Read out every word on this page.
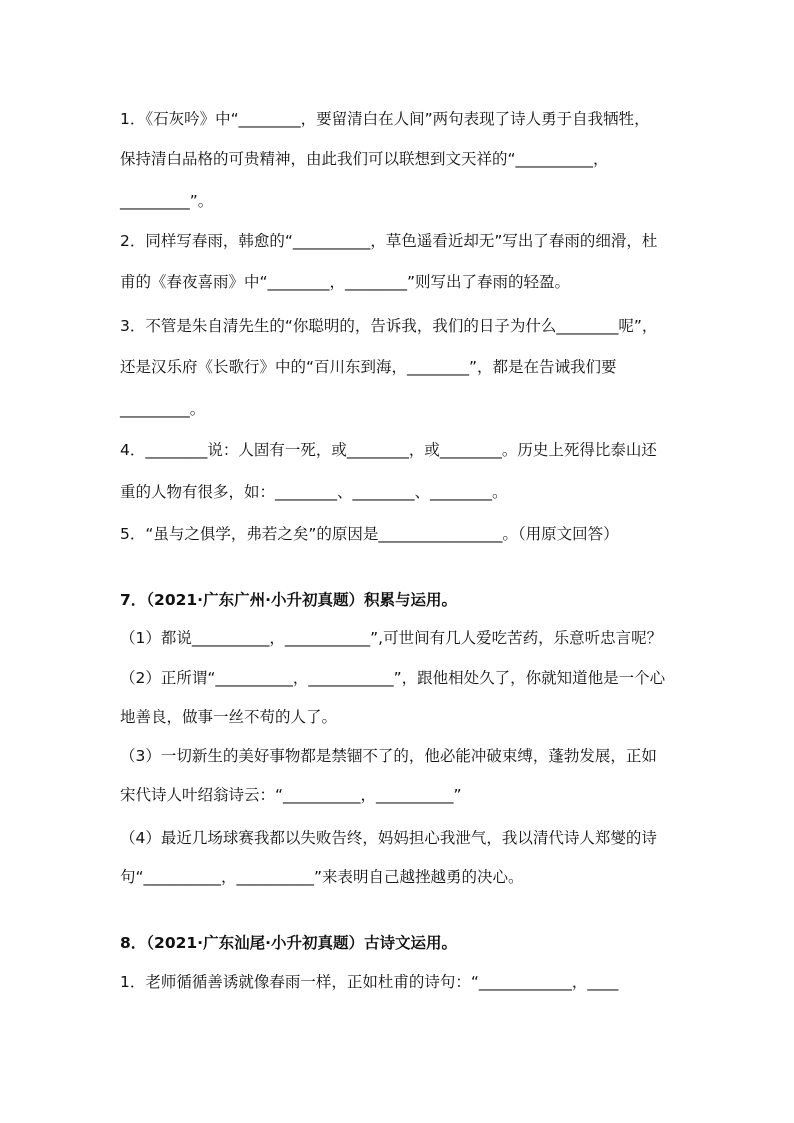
1．《石灰吟》中“________，要留清白在人间”两句表现了诗人勇于自我牺牲，
保持清白品格的可贵精神，由此我们可以联想到文天祥的“__________，
_________”。
2．同样写春雨，韩愈的“__________，草色遥看近却无”写出了春雨的细滑，杜
甫的《春夜喜雨》中“________，________”则写出了春雨的轻盈。
3．不管是朱自清先生的“你聪明的，告诉我，我们的日子为什么________呢”，
还是汉乐府《长歌行》中的“百川东到海，________”，都是在告诫我们要
_________。
4．________说：人固有一死，或________，或________。历史上死得比泰山还
重的人物有很多，如：________、________、________。
5．“虽与之俱学，弗若之矣”的原因是________________。（用原文回答）
7．（2021·广东广州·小升初真题）积累与运用。
（1）都说__________，___________”,可世间有几人爱吃苦药，乐意听忠言呢？
（2）正所谓“__________，___________”，跟他相处久了，你就知道他是一个心
地善良，做事一丝不苟的人了。
（3）一切新生的美好事物都是禁锢不了的，他必能冲破束缚，蓬勃发展，正如
宋代诗人叶绍翁诗云：“__________，__________”
（4）最近几场球赛我都以失败告终，妈妈担心我泄气，我以清代诗人郑燮的诗
句“__________，__________”来表明自己越挫越勇的决心。
8．（2021·广东汕尾·小升初真题）古诗文运用。
1．老师循循善诱就像春雨一样，正如杜甫的诗句：“____________，____
